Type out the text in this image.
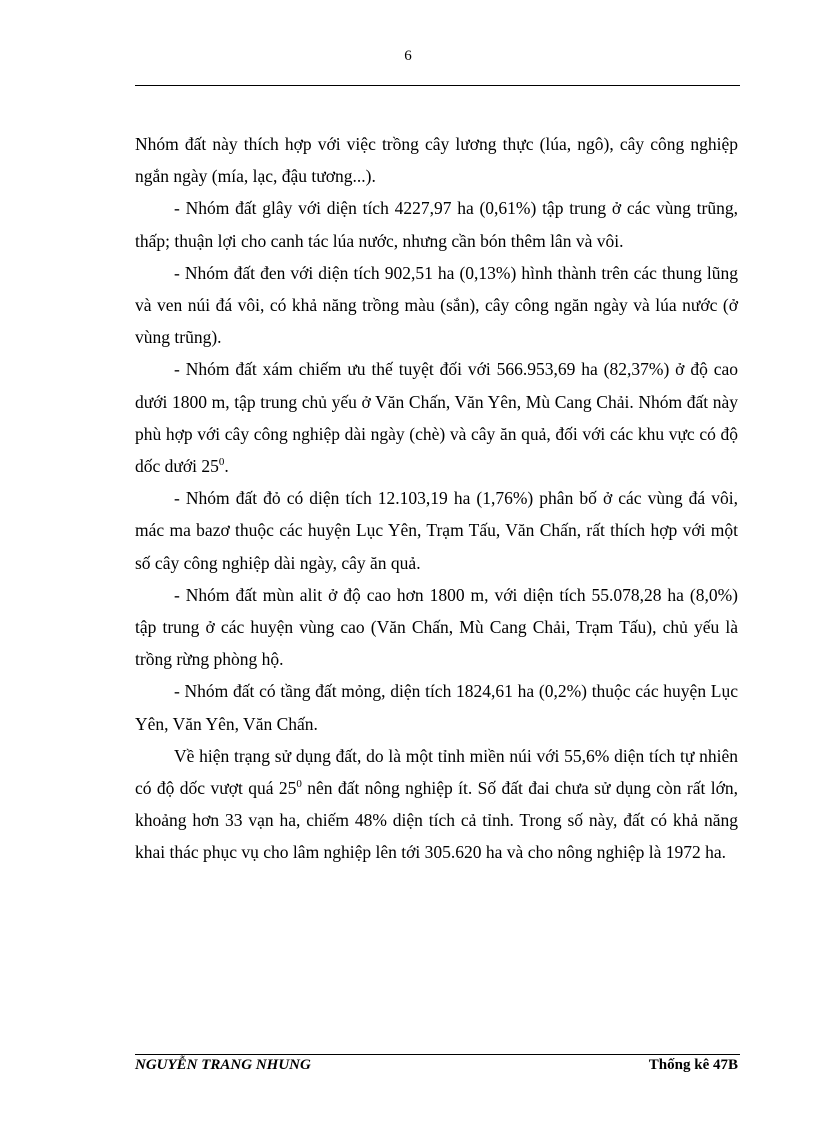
6

Nhóm đất này thích hợp với việc trồng cây lương thực (lúa, ngô), cây công nghiệp ngắn ngày (mía, lạc, đậu tương...).

- Nhóm đất glây với diện tích 4227,97 ha (0,61%) tập trung ở các vùng trũng, thấp; thuận lợi cho canh tác lúa nước, nhưng cần bón thêm lân và vôi.

- Nhóm đất đen với diện tích 902,51 ha (0,13%) hình thành trên các thung lũng và ven núi đá vôi, có khả năng trồng màu (sắn), cây công ngăn ngày và lúa nước (ở vùng trũng).

- Nhóm đất xám chiếm ưu thế tuyệt đối với 566.953,69 ha (82,37%) ở độ cao dưới 1800 m, tập trung chủ yếu ở Văn Chấn, Văn Yên, Mù Cang Chải. Nhóm đất này phù hợp với cây công nghiệp dài ngày (chè) và cây ăn quả, đối với các khu vực có độ dốc dưới $25^0$.

- Nhóm đất đỏ có diện tích 12.103,19 ha (1,76%) phân bố ở các vùng đá vôi, mác ma bazơ thuộc các huyện Lục Yên, Trạm Tấu, Văn Chấn, rất thích hợp với một số cây công nghiệp dài ngày, cây ăn quả.

- Nhóm đất mùn alit ở độ cao hơn 1800 m, với diện tích 55.078,28 ha (8,0%) tập trung ở các huyện vùng cao (Văn Chấn, Mù Cang Chải, Trạm Tấu), chủ yếu là trồng rừng phòng hộ.

- Nhóm đất có tầng đất mỏng, diện tích 1824,61 ha (0,2%) thuộc các huyện Lục Yên, Văn Yên, Văn Chấn.

Về hiện trạng sử dụng đất, do là một tỉnh miền núi với 55,6% diện tích tự nhiên có độ dốc vượt quá $25^0$ nên đất nông nghiệp ít. Số đất đai chưa sử dụng còn rất lớn, khoảng hơn 33 vạn ha, chiếm 48% diện tích cả tỉnh. Trong số này, đất có khả năng khai thác phục vụ cho lâm nghiệp lên tới 305.620 ha và cho nông nghiệp là 1972 ha.

NGUYỄN TRANG NHUNG	Thống kê 47B
